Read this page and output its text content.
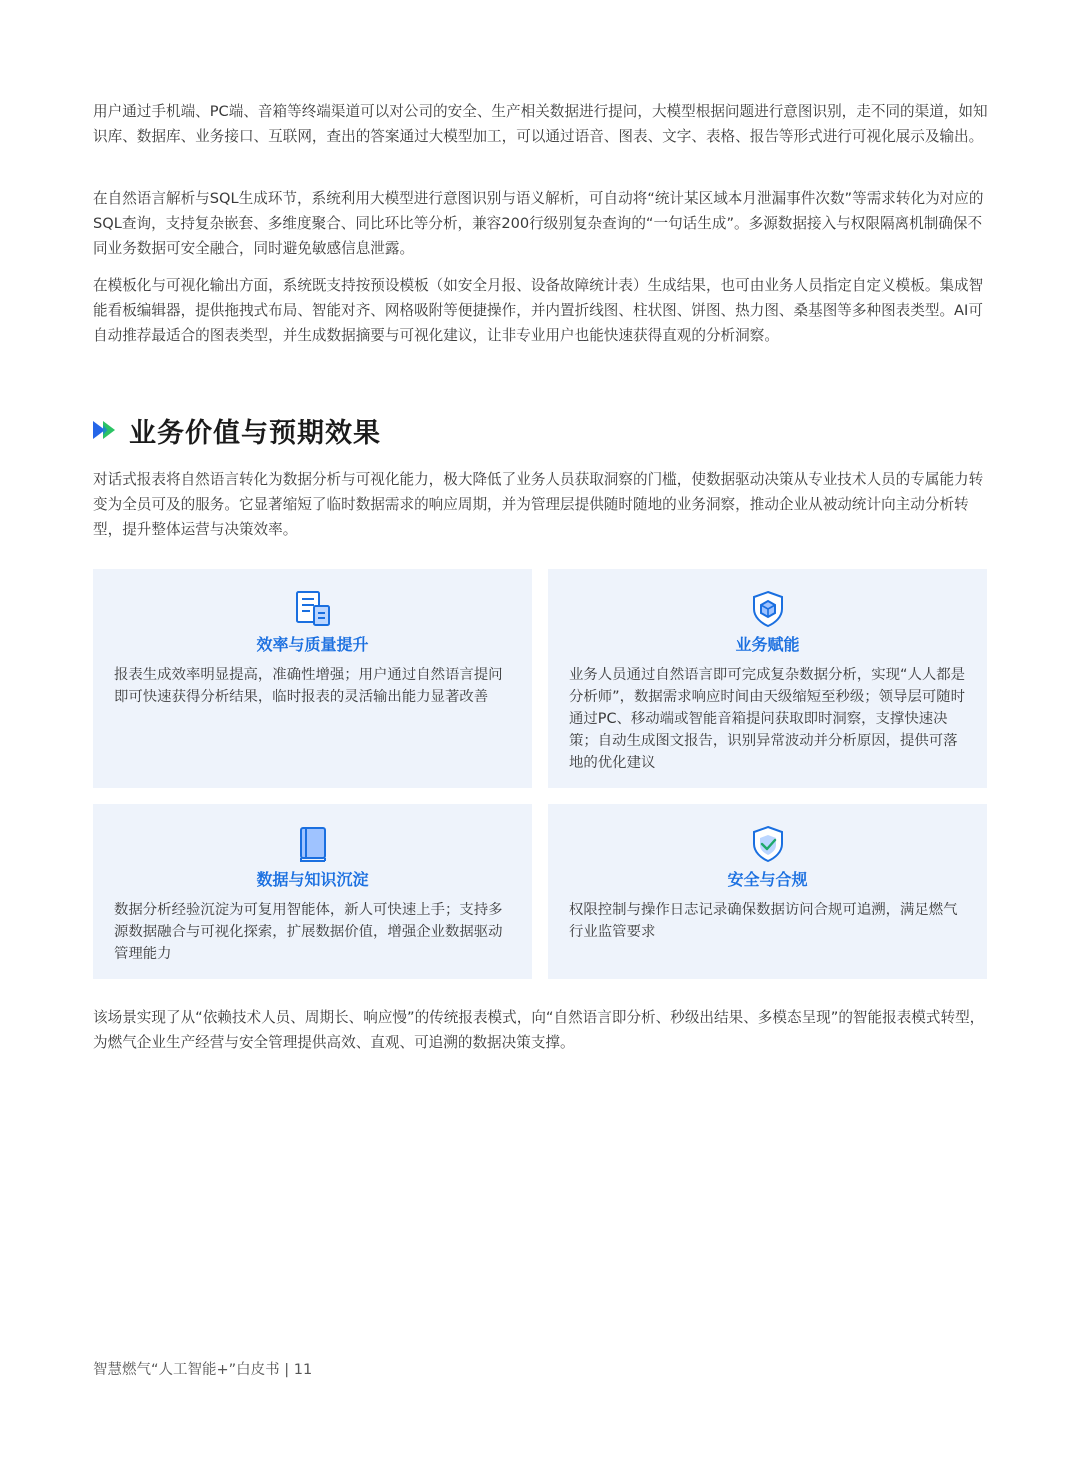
用户通过手机端、PC端、音箱等终端渠道可以对公司的安全、生产相关数据进行提问，大模型根据问题进行意图识别，走不同的渠道，如知识库、数据库、业务接口、互联网，查出的答案通过大模型加工，可以通过语音、图表、文字、表格、报告等形式进行可视化展示及输出。

在自然语言解析与SQL生成环节，系统利用大模型进行意图识别与语义解析，可自动将“统计某区域本月泄漏事件次数”等需求转化为对应的SQL查询，支持复杂嵌套、多维度聚合、同比环比等分析，兼容200行级别复杂查询的“一句话生成”。多源数据接入与权限隔离机制确保不同业务数据可安全融合，同时避免敏感信息泄露。

在模板化与可视化输出方面，系统既支持按预设模板（如安全月报、设备故障统计表）生成结果，也可由业务人员指定自定义模板。集成智能看板编辑器，提供拖拽式布局、智能对齐、网格吸附等便捷操作，并内置折线图、柱状图、饼图、热力图、桑基图等多种图表类型。AI可自动推荐最适合的图表类型，并生成数据摘要与可视化建议，让非专业用户也能快速获得直观的分析洞察。

业务价值与预期效果

对话式报表将自然语言转化为数据分析与可视化能力，极大降低了业务人员获取洞察的门槛，使数据驱动决策从专业技术人员的专属能力转变为全员可及的服务。它显著缩短了临时数据需求的响应周期，并为管理层提供随时随地的业务洞察，推动企业从被动统计向主动分析转型，提升整体运营与决策效率。

效率与质量提升
报表生成效率明显提高，准确性增强；用户通过自然语言提问即可快速获得分析结果，临时报表的灵活输出能力显著改善
业务赋能
业务人员通过自然语言即可完成复杂数据分析，实现“人人都是分析师”，数据需求响应时间由天级缩短至秒级；领导层可随时通过PC、移动端或智能音箱提问获取即时洞察，支撑快速决策；自动生成图文报告，识别异常波动并分析原因，提供可落地的优化建议
数据与知识沉淀
数据分析经验沉淀为可复用智能体，新人可快速上手；支持多源数据融合与可视化探索，扩展数据价值，增强企业数据驱动管理能力
安全与合规
权限控制与操作日志记录确保数据访问合规可追溯，满足燃气行业监管要求

该场景实现了从“依赖技术人员、周期长、响应慢”的传统报表模式，向“自然语言即分析、秒级出结果、多模态呈现”的智能报表模式转型，为燃气企业生产经营与安全管理提供高效、直观、可追溯的数据决策支撑。

智慧燃气“人工智能+”白皮书 | 11
